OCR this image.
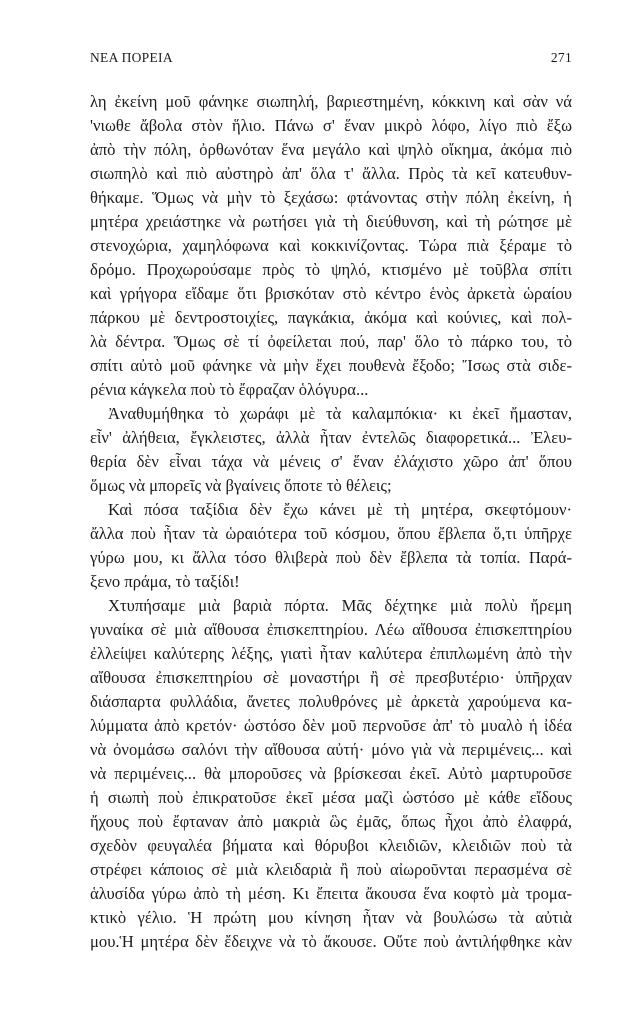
ΝΕΑ ΠΟΡΕΙΑ	271
λη ἐκείνη μοῦ φάνηκε σιωπηλή, βαριεστημένη, κόκκινη καὶ σὰν νά
'νιωθε ἄβολα στὸν ἥλιο. Πάνω σ' ἕναν μικρὸ λόφο, λίγο πιὸ ἔξω
ἀπὸ τὴν πόλη, ὀρθωνόταν ἕνα μεγάλο καὶ ψηλὸ οἴκημα, ἀκόμα πιὸ
σιωπηλὸ καὶ πιὸ αὐστηρὸ ἀπ' ὅλα τ' ἄλλα. Πρὸς τὰ κεῖ κατευθυν-
θήκαμε. Ὅμως νὰ μὴν τὸ ξεχάσω: φτάνοντας στὴν πόλη ἐκείνη, ἡ
μητέρα χρειάστηκε νὰ ρωτήσει γιὰ τὴ διεύθυνση, καὶ τὴ ρώτησε μὲ
στενοχώρια, χαμηλόφωνα καὶ κοκκινίζοντας. Τώρα πιὰ ξέραμε τὸ
δρόμο. Προχωρούσαμε πρὸς τὸ ψηλό, κτισμένο μὲ τοῦβλα σπίτι
καὶ γρήγορα εἴδαμε ὅτι βρισκόταν στὸ κέντρο ἑνὸς ἀρκετὰ ὡραίου
πάρκου μὲ δεντροστοιχίες, παγκάκια, ἀκόμα καὶ κούνιες, καὶ πολ-
λὰ δέντρα. Ὅμως σὲ τί ὀφείλεται πού, παρ' ὅλο τὸ πάρκο του, τὸ
σπίτι αὐτὸ μοῦ φάνηκε νὰ μὴν ἔχει πουθενὰ ἔξοδο; Ἴσως στὰ σιδε-
ρένια κάγκελα ποὺ τὸ ἔφραζαν ὁλόγυρα...
Ἀναθυμήθηκα τὸ χωράφι μὲ τὰ καλαμπόκια· κι ἐκεῖ ἤμασταν,
εἶν' ἀλήθεια, ἔγκλειστες, ἀλλὰ ἦταν ἐντελῶς διαφορετικά... Ἐλευ-
θερία δὲν εἶναι τάχα νὰ μένεις σ' ἕναν ἐλάχιστο χῶρο ἀπ' ὅπου
ὅμως νὰ μπορεῖς νὰ βγαίνεις ὅποτε τὸ θέλεις;
Καὶ πόσα ταξίδια δὲν ἔχω κάνει μὲ τὴ μητέρα, σκεφτόμουν·
ἄλλα ποὺ ἦταν τὰ ὡραιότερα τοῦ κόσμου, ὅπου ἔβλεπα ὅ,τι ὑπῆρχε
γύρω μου, κι ἄλλα τόσο θλιβερὰ ποὺ δὲν ἔβλεπα τὰ τοπία. Παρά-
ξενο πράμα, τὸ ταξίδι!
Χτυπήσαμε μιὰ βαριὰ πόρτα. Μᾶς δέχτηκε μιὰ πολὺ ἤρεμη
γυναίκα σὲ μιὰ αἴθουσα ἐπισκεπτηρίου. Λέω αἴθουσα ἐπισκεπτηρίου
ἐλλείψει καλύτερης λέξης, γιατὶ ἦταν καλύτερα ἐπιπλωμένη ἀπὸ τὴν
αἴθουσα ἐπισκεπτηρίου σὲ μοναστήρι ἢ σὲ πρεσβυτέριο· ὑπῆρχαν
διάσπαρτα φυλλάδια, ἄνετες πολυθρόνες μὲ ἀρκετὰ χαρούμενα κα-
λύμματα ἀπὸ κρετόν· ὡστόσο δὲν μοῦ περνοῦσε ἀπ' τὸ μυαλὸ ἡ ἰδέα
νὰ ὀνομάσω σαλόνι τὴν αἴθουσα αὐτή· μόνο γιὰ νὰ περιμένεις... καὶ
νὰ περιμένεις... θὰ μποροῦσες νὰ βρίσκεσαι ἐκεῖ. Αὐτὸ μαρτυροῦσε
ἡ σιωπὴ ποὺ ἐπικρατοῦσε ἐκεῖ μέσα μαζὶ ὡστόσο μὲ κάθε εἴδους
ἤχους ποὺ ἔφταναν ἀπὸ μακριὰ ὣς ἐμᾶς, ὅπως ἦχοι ἀπὸ ἐλαφρά,
σχεδὸν φευγαλέα βήματα καὶ θόρυβοι κλειδιῶν, κλειδιῶν ποὺ τὰ
στρέφει κάποιος σὲ μιὰ κλειδαριὰ ἢ ποὺ αἰωροῦνται περασμένα σὲ
ἁλυσίδα γύρω ἀπὸ τὴ μέση. Κι ἔπειτα ἄκουσα ἕνα κοφτὸ μὰ τρομα-
κτικὸ γέλιο. Ἡ πρώτη μου κίνηση ἦταν νὰ βουλώσω τὰ αὐτιὰ
μου.Ἡ μητέρα δὲν ἔδειχνε νὰ τὸ ἄκουσε. Οὔτε ποὺ ἀντιλήφθηκε κὰν
